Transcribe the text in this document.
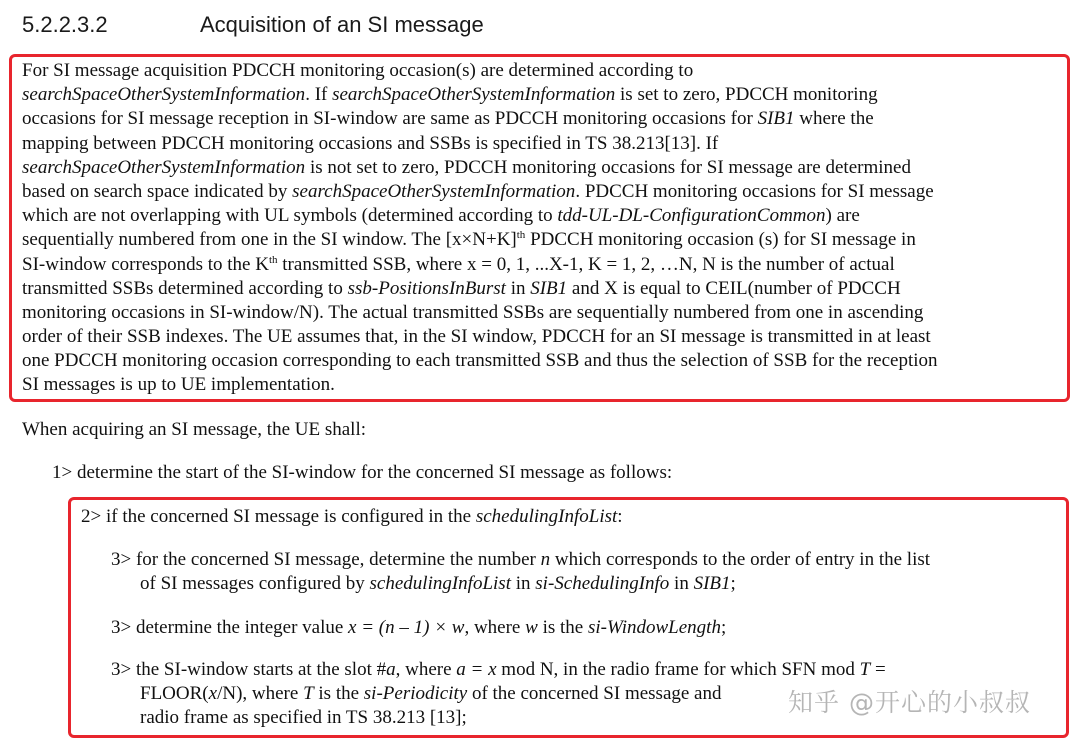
5.2.2.3.2	Acquisition of an SI message
For SI message acquisition PDCCH monitoring occasion(s) are determined according to
searchSpaceOtherSystemInformation. If searchSpaceOtherSystemInformation is set to zero, PDCCH monitoring
occasions for SI message reception in SI-window are same as PDCCH monitoring occasions for SIB1 where the
mapping between PDCCH monitoring occasions and SSBs is specified in TS 38.213[13]. If
searchSpaceOtherSystemInformation is not set to zero, PDCCH monitoring occasions for SI message are determined
based on search space indicated by searchSpaceOtherSystemInformation. PDCCH monitoring occasions for SI message
which are not overlapping with UL symbols (determined according to tdd-UL-DL-ConfigurationCommon) are
sequentially numbered from one in the SI window. The $[x\times N+K]^{th}$ PDCCH monitoring occasion (s) for SI message in
SI-window corresponds to the $K^{th}$ transmitted SSB, where x = 0, 1, ...X-1, K = 1, 2, …N, N is the number of actual
transmitted SSBs determined according to ssb-PositionsInBurst in SIB1 and X is equal to CEIL(number of PDCCH
monitoring occasions in SI-window/N). The actual transmitted SSBs are sequentially numbered from one in ascending
order of their SSB indexes. The UE assumes that, in the SI window, PDCCH for an SI message is transmitted in at least
one PDCCH monitoring occasion corresponding to each transmitted SSB and thus the selection of SSB for the reception
SI messages is up to UE implementation.
When acquiring an SI message, the UE shall:
1> determine the start of the SI-window for the concerned SI message as follows:
2> if the concerned SI message is configured in the schedulingInfoList:
3> for the concerned SI message, determine the number n which corresponds to the order of entry in the list
of SI messages configured by schedulingInfoList in si-SchedulingInfo in SIB1;
3> determine the integer value x = (n – 1) × w, where w is the si-WindowLength;
3> the SI-window starts at the slot #a, where a = x mod N, in the radio frame for which SFN mod T =
FLOOR(x/N), where T is the si-Periodicity of the concerned SI message and
radio frame as specified in TS 38.213 [13];
知乎 @开心的小叔叔
